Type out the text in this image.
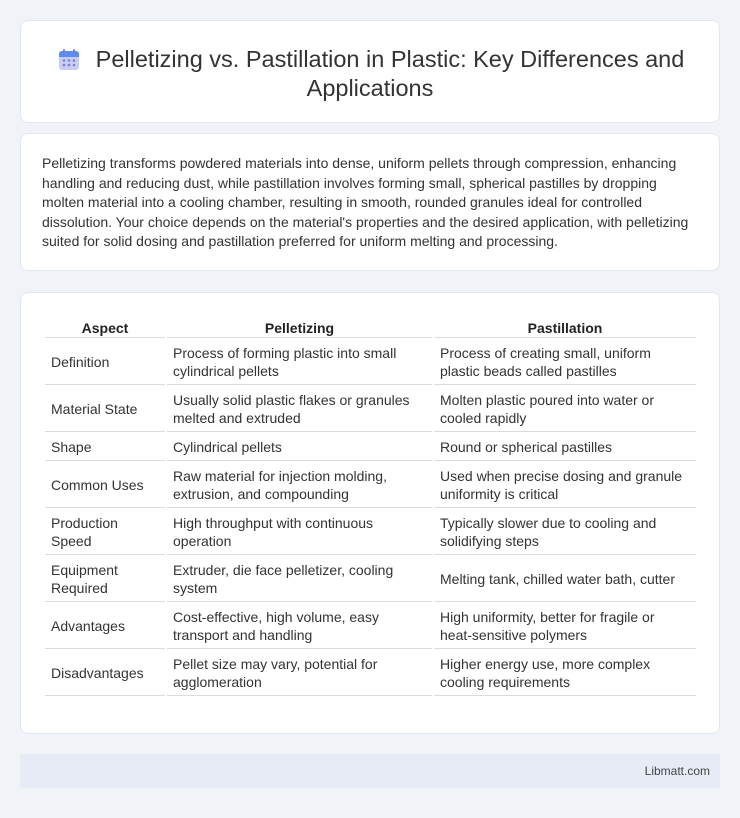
Pelletizing vs. Pastillation in Plastic: Key Differences and Applications

Pelletizing transforms powdered materials into dense, uniform pellets through compression, enhancing handling and reducing dust, while pastillation involves forming small, spherical pastilles by dropping molten material into a cooling chamber, resulting in smooth, rounded granules ideal for controlled dissolution. Your choice depends on the material's properties and the desired application, with pelletizing suited for solid dosing and pastillation preferred for uniform melting and processing.

Aspect	Pelletizing	Pastillation
Definition	Process of forming plastic into small cylindrical pellets	Process of creating small, uniform plastic beads called pastilles
Material State	Usually solid plastic flakes or granules melted and extruded	Molten plastic poured into water or cooled rapidly
Shape	Cylindrical pellets	Round or spherical pastilles
Common Uses	Raw material for injection molding, extrusion, and compounding	Used when precise dosing and granule uniformity is critical
Production Speed	High throughput with continuous operation	Typically slower due to cooling and solidifying steps
Equipment Required	Extruder, die face pelletizer, cooling system	Melting tank, chilled water bath, cutter
Advantages	Cost-effective, high volume, easy transport and handling	High uniformity, better for fragile or heat-sensitive polymers
Disadvantages	Pellet size may vary, potential for agglomeration	Higher energy use, more complex cooling requirements
Libmatt.com
